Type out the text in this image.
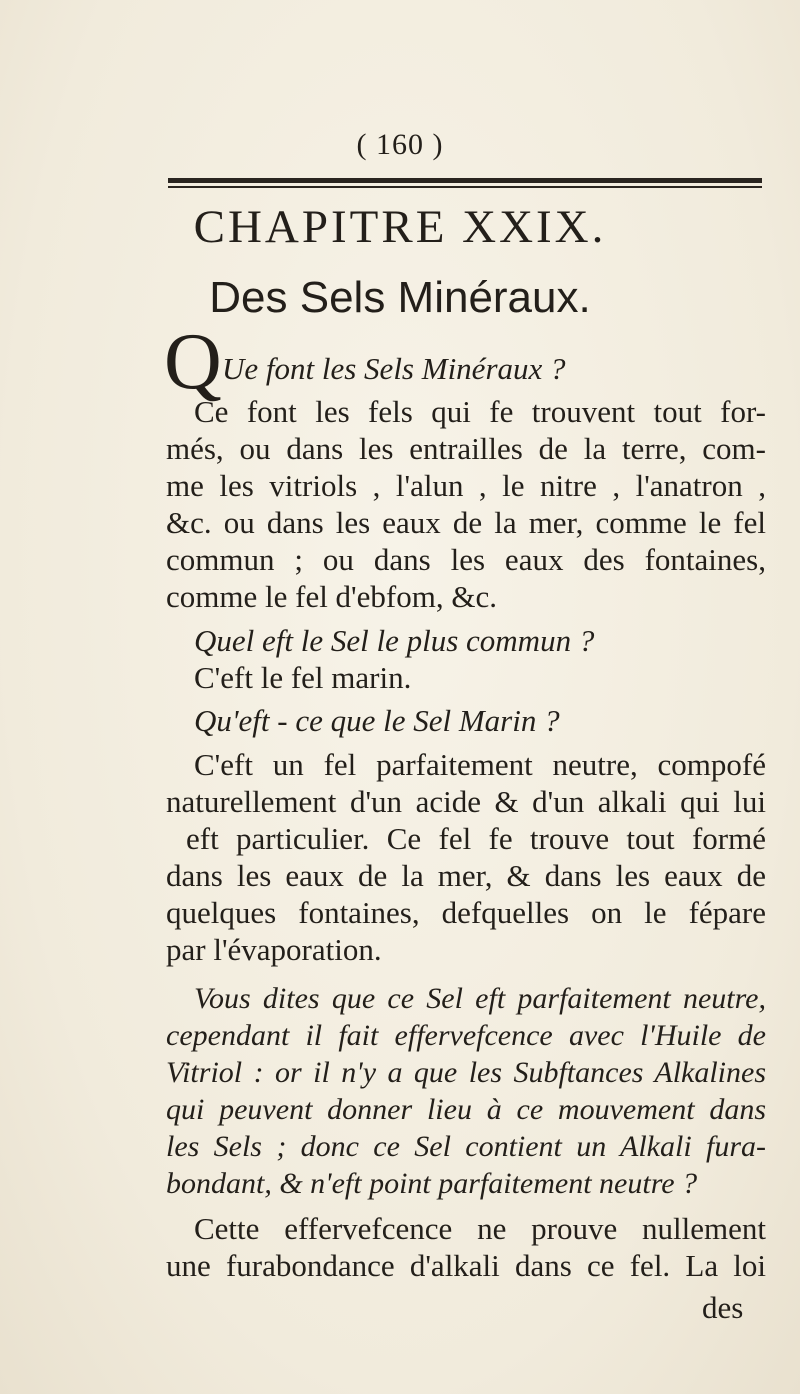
( 160 )
CHAPITRE XXIX.
Des Sels Minéraux.
Q Ue font les Sels Minéraux ?

Ce font les fels qui fe trouvent tout for-
més, ou dans les entrailles de la terre, com-
me les vitriols , l'alun , le nitre , l'anatron ,
&c. ou dans les eaux de la mer, comme le fel
commun ; ou dans les eaux des fontaines,
comme le fel d'ebfom, &c.

Quel eft le Sel le plus commun ?

C'eft le fel marin.

Qu'eft - ce que le Sel Marin ?

C'eft un fel parfaitement neutre, compofé
naturellement d'un acide & d'un alkali qui lui
eft particulier. Ce fel fe trouve tout formé
dans les eaux de la mer, & dans les eaux de
quelques fontaines, defquelles on le fépare
par l'évaporation.
Vous dites que ce Sel eft parfaitement neutre,
cependant il fait effervefcence avec l'Huile de
Vitriol : or il n'y a que les Subftances Alkalines
qui peuvent donner lieu à ce mouvement dans
les Sels ; donc ce Sel contient un Alkali fura-
bondant, & n'eft point parfaitement neutre ?
Cette effervefcence ne prouve nullement
une furabondance d'alkali dans ce fel. La loi
des
